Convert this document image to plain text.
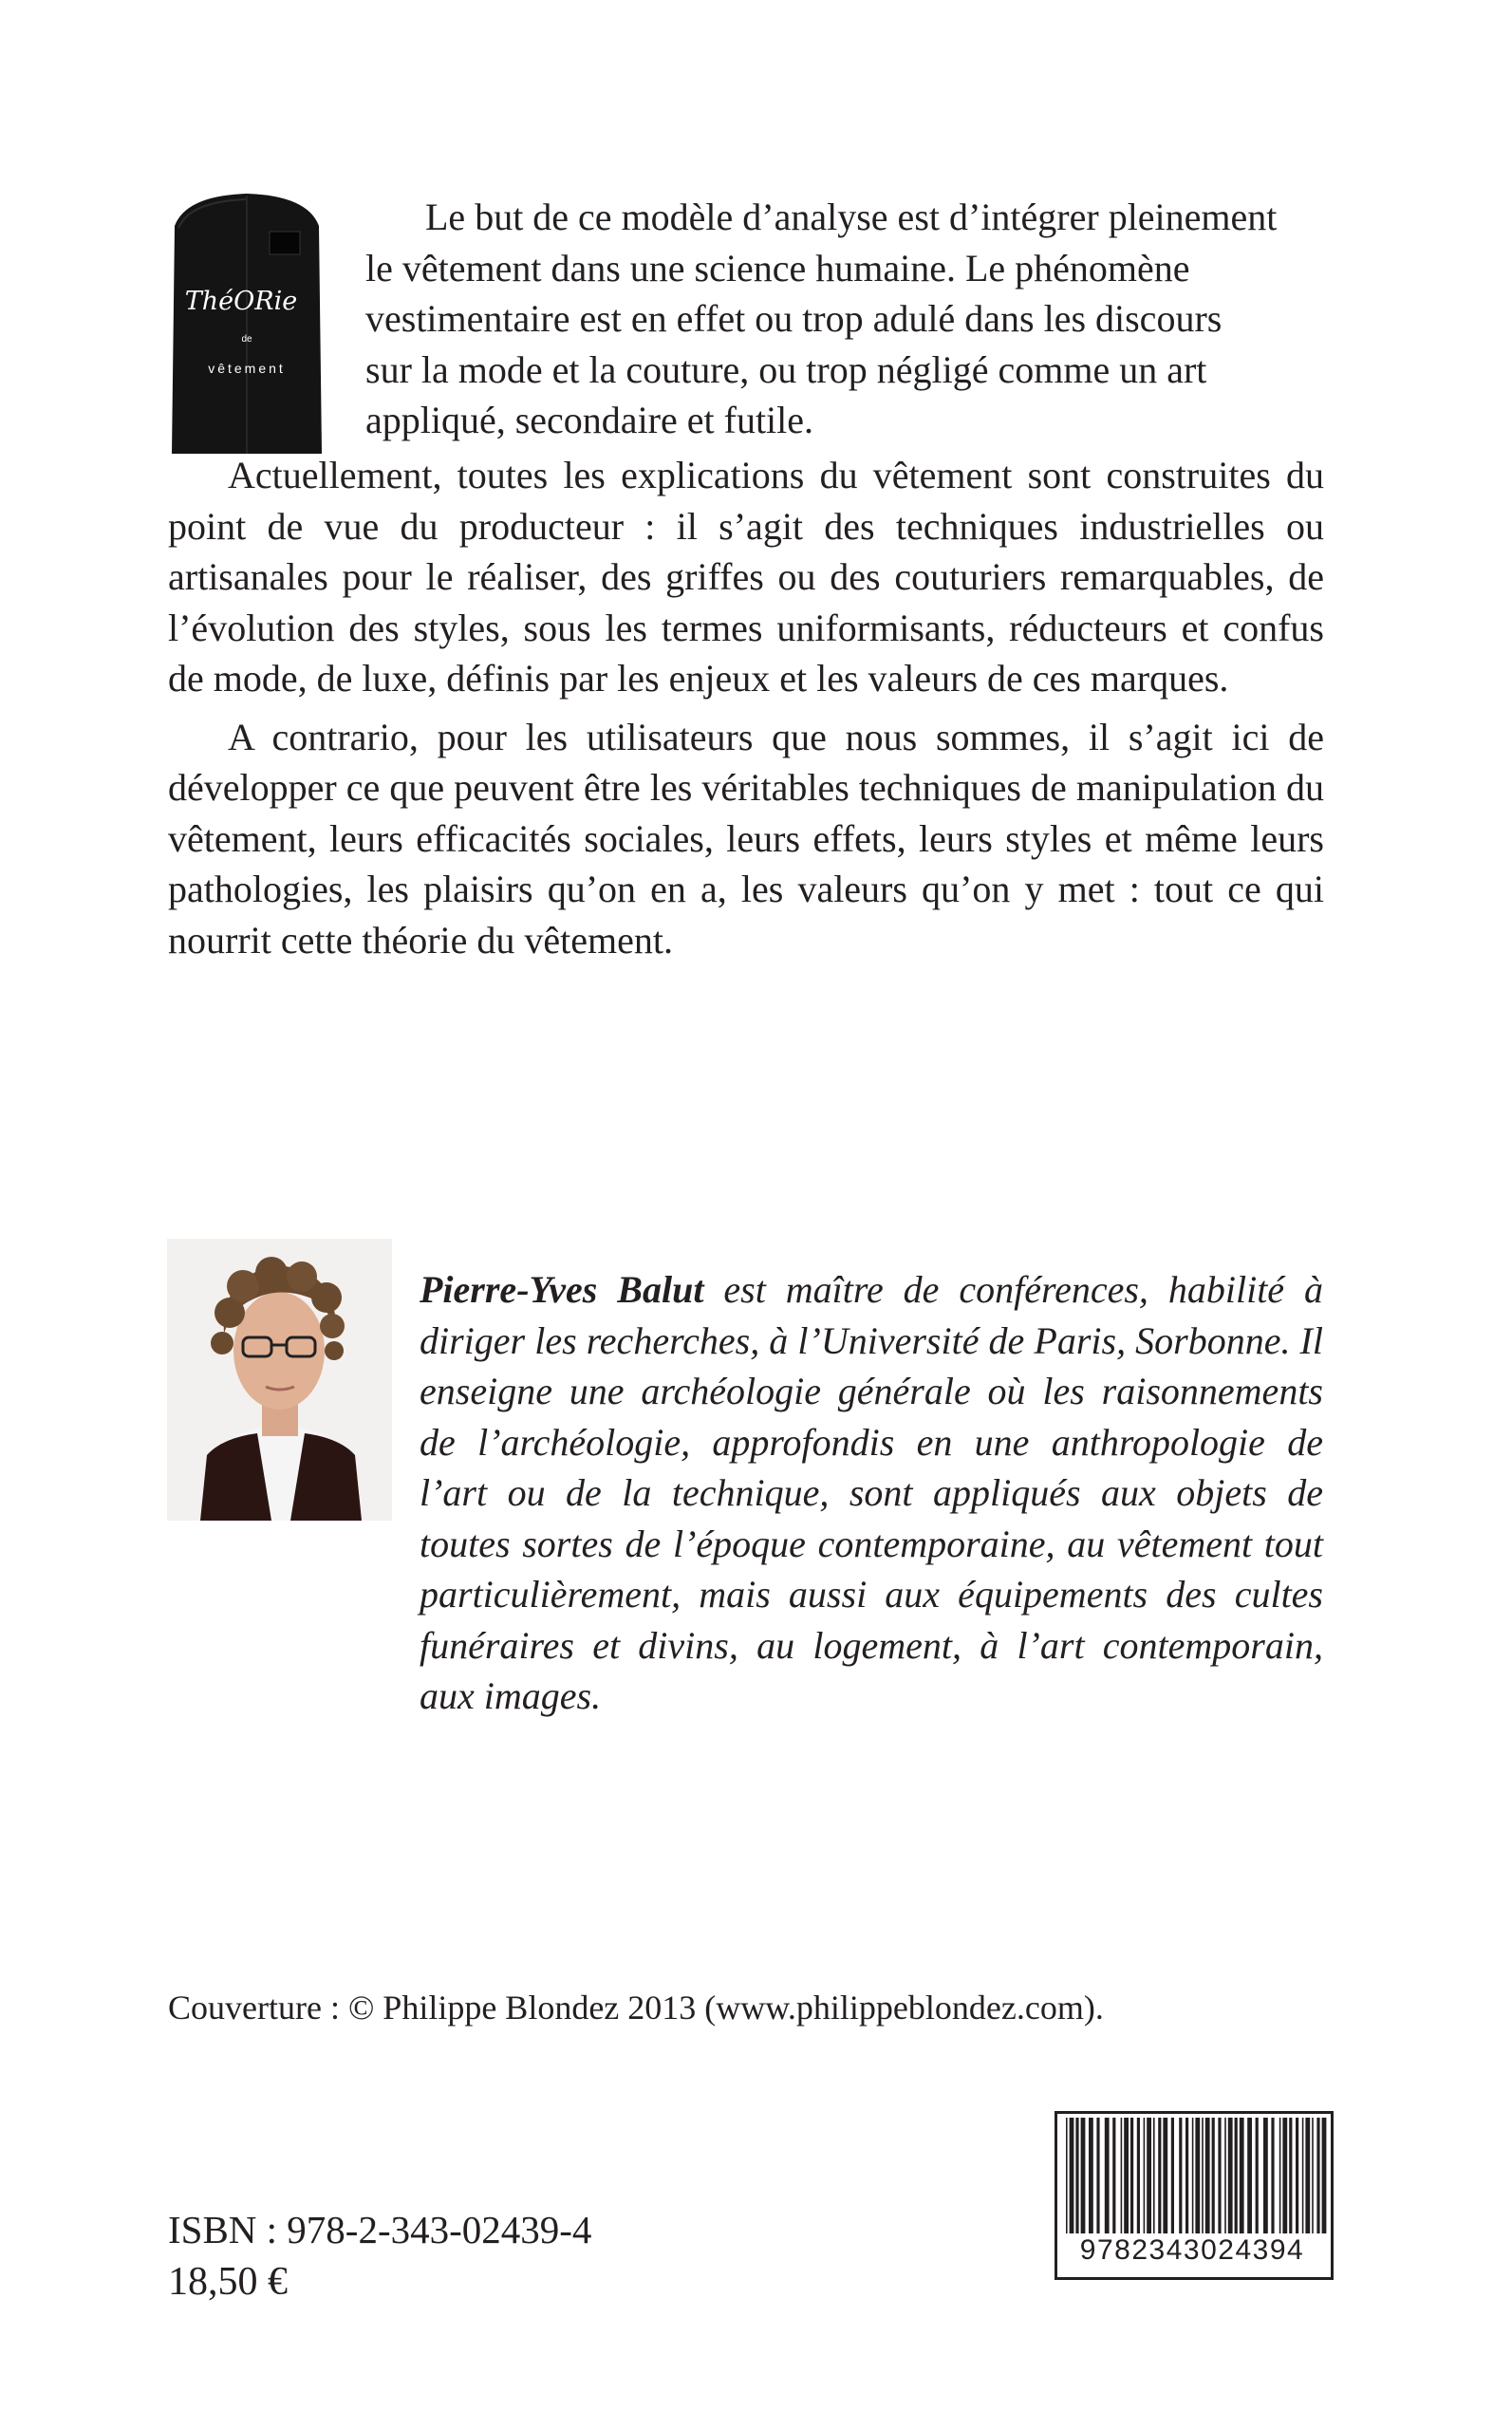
ThéORie
de
vêtement

Le but de ce modèle d’analyse est d’intégrer pleinement

le vêtement dans une science humaine. Le phénomène

vestimentaire est en effet ou trop adulé dans les discours

sur la mode et la couture, ou trop négligé comme un art

appliqué, secondaire et futile.

Actuellement, toutes les explications du vêtement sont construites du point de vue du producteur : il s’agit des techniques industrielles ou artisanales pour le réaliser, des griffes ou des couturiers remarquables, de l’évolution des styles, sous les termes uniformisants, réducteurs et confus de mode, de luxe, définis par les enjeux et les valeurs de ces marques.

A contrario, pour les utilisateurs que nous sommes, il s’agit ici de développer ce que peuvent être les véritables techniques de manipulation du vêtement, leurs efficacités sociales, leurs effets, leurs styles et même leurs pathologies, les plaisirs qu’on en a, les valeurs qu’on y met : tout ce qui nourrit cette théorie du vêtement.

Pierre-Yves Balut est maître de conférences, habilité à diriger les recherches, à l’Université de Paris, Sorbonne. Il enseigne une archéologie générale où les raisonnements de l’archéologie, approfondis en une anthropologie de l’art ou de la technique, sont appliqués aux objets de toutes sortes de l’époque contemporaine, au vêtement tout particulièrement, mais aussi aux équipements des cultes funéraires et divins, au logement, à l’art contemporain, aux images.
Couverture : © Philippe Blondez 2013 (www.philippeblondez.com).
ISBN : 978-2-343-02439-4
18,50 €
9782343024394
